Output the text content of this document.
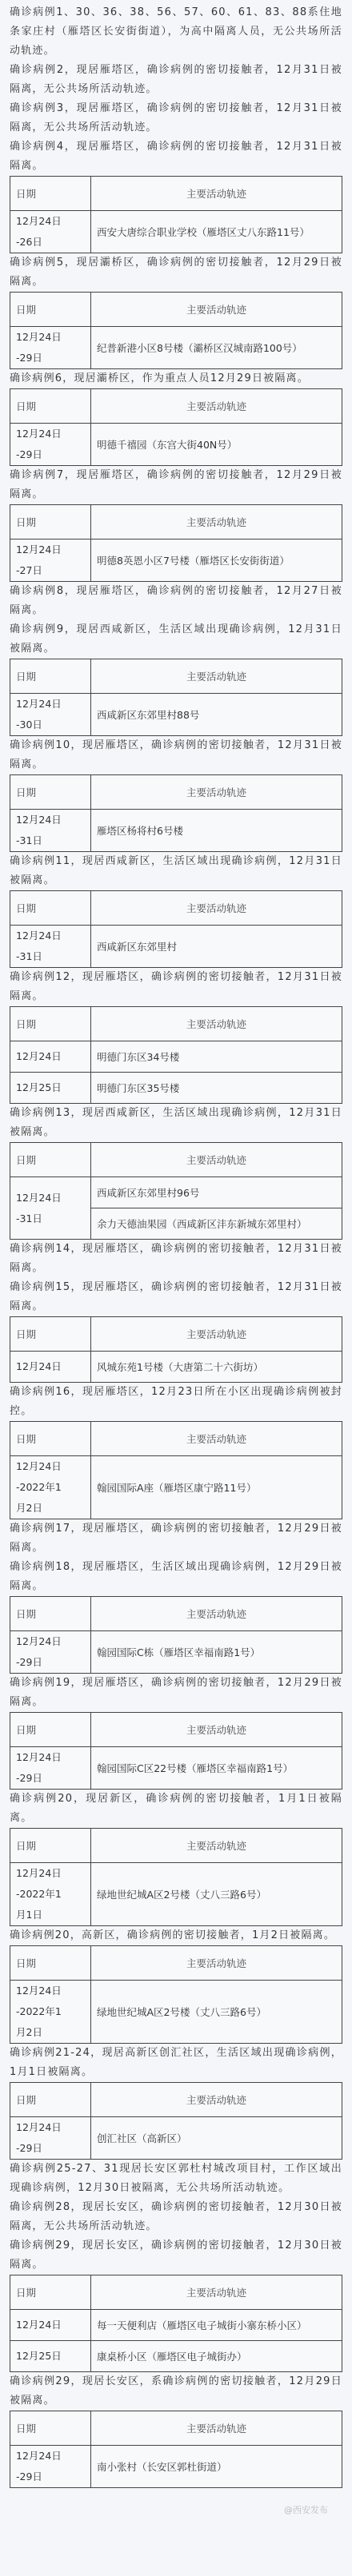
确诊病例1、30、36、38、56、57、60、61、83、88系住地条家庄村（雁塔区长安街街道），为高中隔离人员，无公共场所活动轨迹。

确诊病例2，现居雁塔区，确诊病例的密切接触者，12月31日被隔离，无公共场所活动轨迹。

确诊病例3，现居雁塔区，确诊病例的密切接触者，12月31日被隔离，无公共场所活动轨迹。

确诊病例4，现居雁塔区，确诊病例的密切接触者，12月31日被隔离。

日期	主要活动轨迹
12月24日
-26日	西安大唐综合职业学校（雁塔区丈八东路11号）

确诊病例5，现居灞桥区，确诊病例的密切接触者，12月29日被隔离。

日期	主要活动轨迹
12月24日
-29日	纪普新港小区8号楼（灞桥区汉城南路100号）

确诊病例6，现居灞桥区，作为重点人员12月29日被隔离。

日期	主要活动轨迹
12月24日
-29日	明德千禧园（东宫大街40N号）

确诊病例7，现居雁塔区，确诊病例的密切接触者，12月29日被隔离。

日期	主要活动轨迹
12月24日
-27日	明德8英恩小区7号楼（雁塔区长安街街道）

确诊病例8，现居雁塔区，确诊病例的密切接触者，12月27日被隔离。

确诊病例9，现居西咸新区，生活区域出现确诊病例，12月31日被隔离。

日期	主要活动轨迹
12月24日
-30日	西咸新区东郊里村88号

确诊病例10，现居雁塔区，确诊病例的密切接触者，12月31日被隔离。

日期	主要活动轨迹
12月24日
-31日	雁塔区杨将村6号楼

确诊病例11，现居西咸新区，生活区域出现确诊病例，12月31日被隔离。

日期	主要活动轨迹
12月24日
-31日	西咸新区东郊里村

确诊病例12，现居雁塔区，确诊病例的密切接触者，12月31日被隔离。

日期	主要活动轨迹
12月24日	明德门东区34号楼
12月25日	明德门东区35号楼

确诊病例13，现居西咸新区，生活区域出现确诊病例，12月31日被隔离。

日期	主要活动轨迹
12月24日
-31日	西咸新区东郊里村96号
	余力天德油果园（西咸新区沣东新城东郊里村）

确诊病例14，现居雁塔区，确诊病例的密切接触者，12月31日被隔离。

确诊病例15，现居雁塔区，确诊病例的密切接触者，12月31日被隔离。

日期	主要活动轨迹
12月24日	风城东苑1号楼（大唐第二十六街坊）

确诊病例16，现居雁塔区，12月23日所在小区出现确诊病例被封控。

日期	主要活动轨迹
12月24日
-2022年1
月2日	翰园国际A座（雁塔区康宁路11号）

确诊病例17，现居雁塔区，确诊病例的密切接触者，12月29日被隔离。

确诊病例18，现居雁塔区，生活区域出现确诊病例，12月29日被隔离。

日期	主要活动轨迹
12月24日
-29日	翰园国际C栋（雁塔区幸福南路1号）

确诊病例19，现居雁塔区，确诊病例的密切接触者，12月29日被隔离。

日期	主要活动轨迹
12月24日
-29日	翰园国际C区22号楼（雁塔区幸福南路1号）

确诊病例20，现居新区，确诊病例的密切接触者，1月1日被隔离。

日期	主要活动轨迹
12月24日
-2022年1
月1日	绿地世纪城A区2号楼（丈八三路6号）

确诊病例20，高新区，确诊病例的密切接触者，1月2日被隔离。

日期	主要活动轨迹
12月24日
-2022年1
月2日	绿地世纪城A区2号楼（丈八三路6号）

确诊病例21-24，现居高新区创汇社区，生活区域出现确诊病例，1月1日被隔离。

日期	主要活动轨迹
12月24日
-29日	创汇社区（高新区）

确诊病例25-27、31现居长安区郭杜村城改项目村，工作区域出现确诊病例，12月30日被隔离，无公共场所活动轨迹。

确诊病例28，现居长安区，确诊病例的密切接触者，12月30日被隔离，无公共场所活动轨迹。

确诊病例29，现居长安区，确诊病例的密切接触者，12月30日被隔离。

日期	主要活动轨迹
12月24日	每一天便利店（雁塔区电子城街小寨东桥小区）
12月25日	康桌桥小区（雁塔区电子城街办）

确诊病例29，现居长安区，系确诊病例的密切接触者，12月29日被隔离。

日期	主要活动轨迹
12月24日
-29日	南小张村（长安区郭杜街道）
@西安发布
